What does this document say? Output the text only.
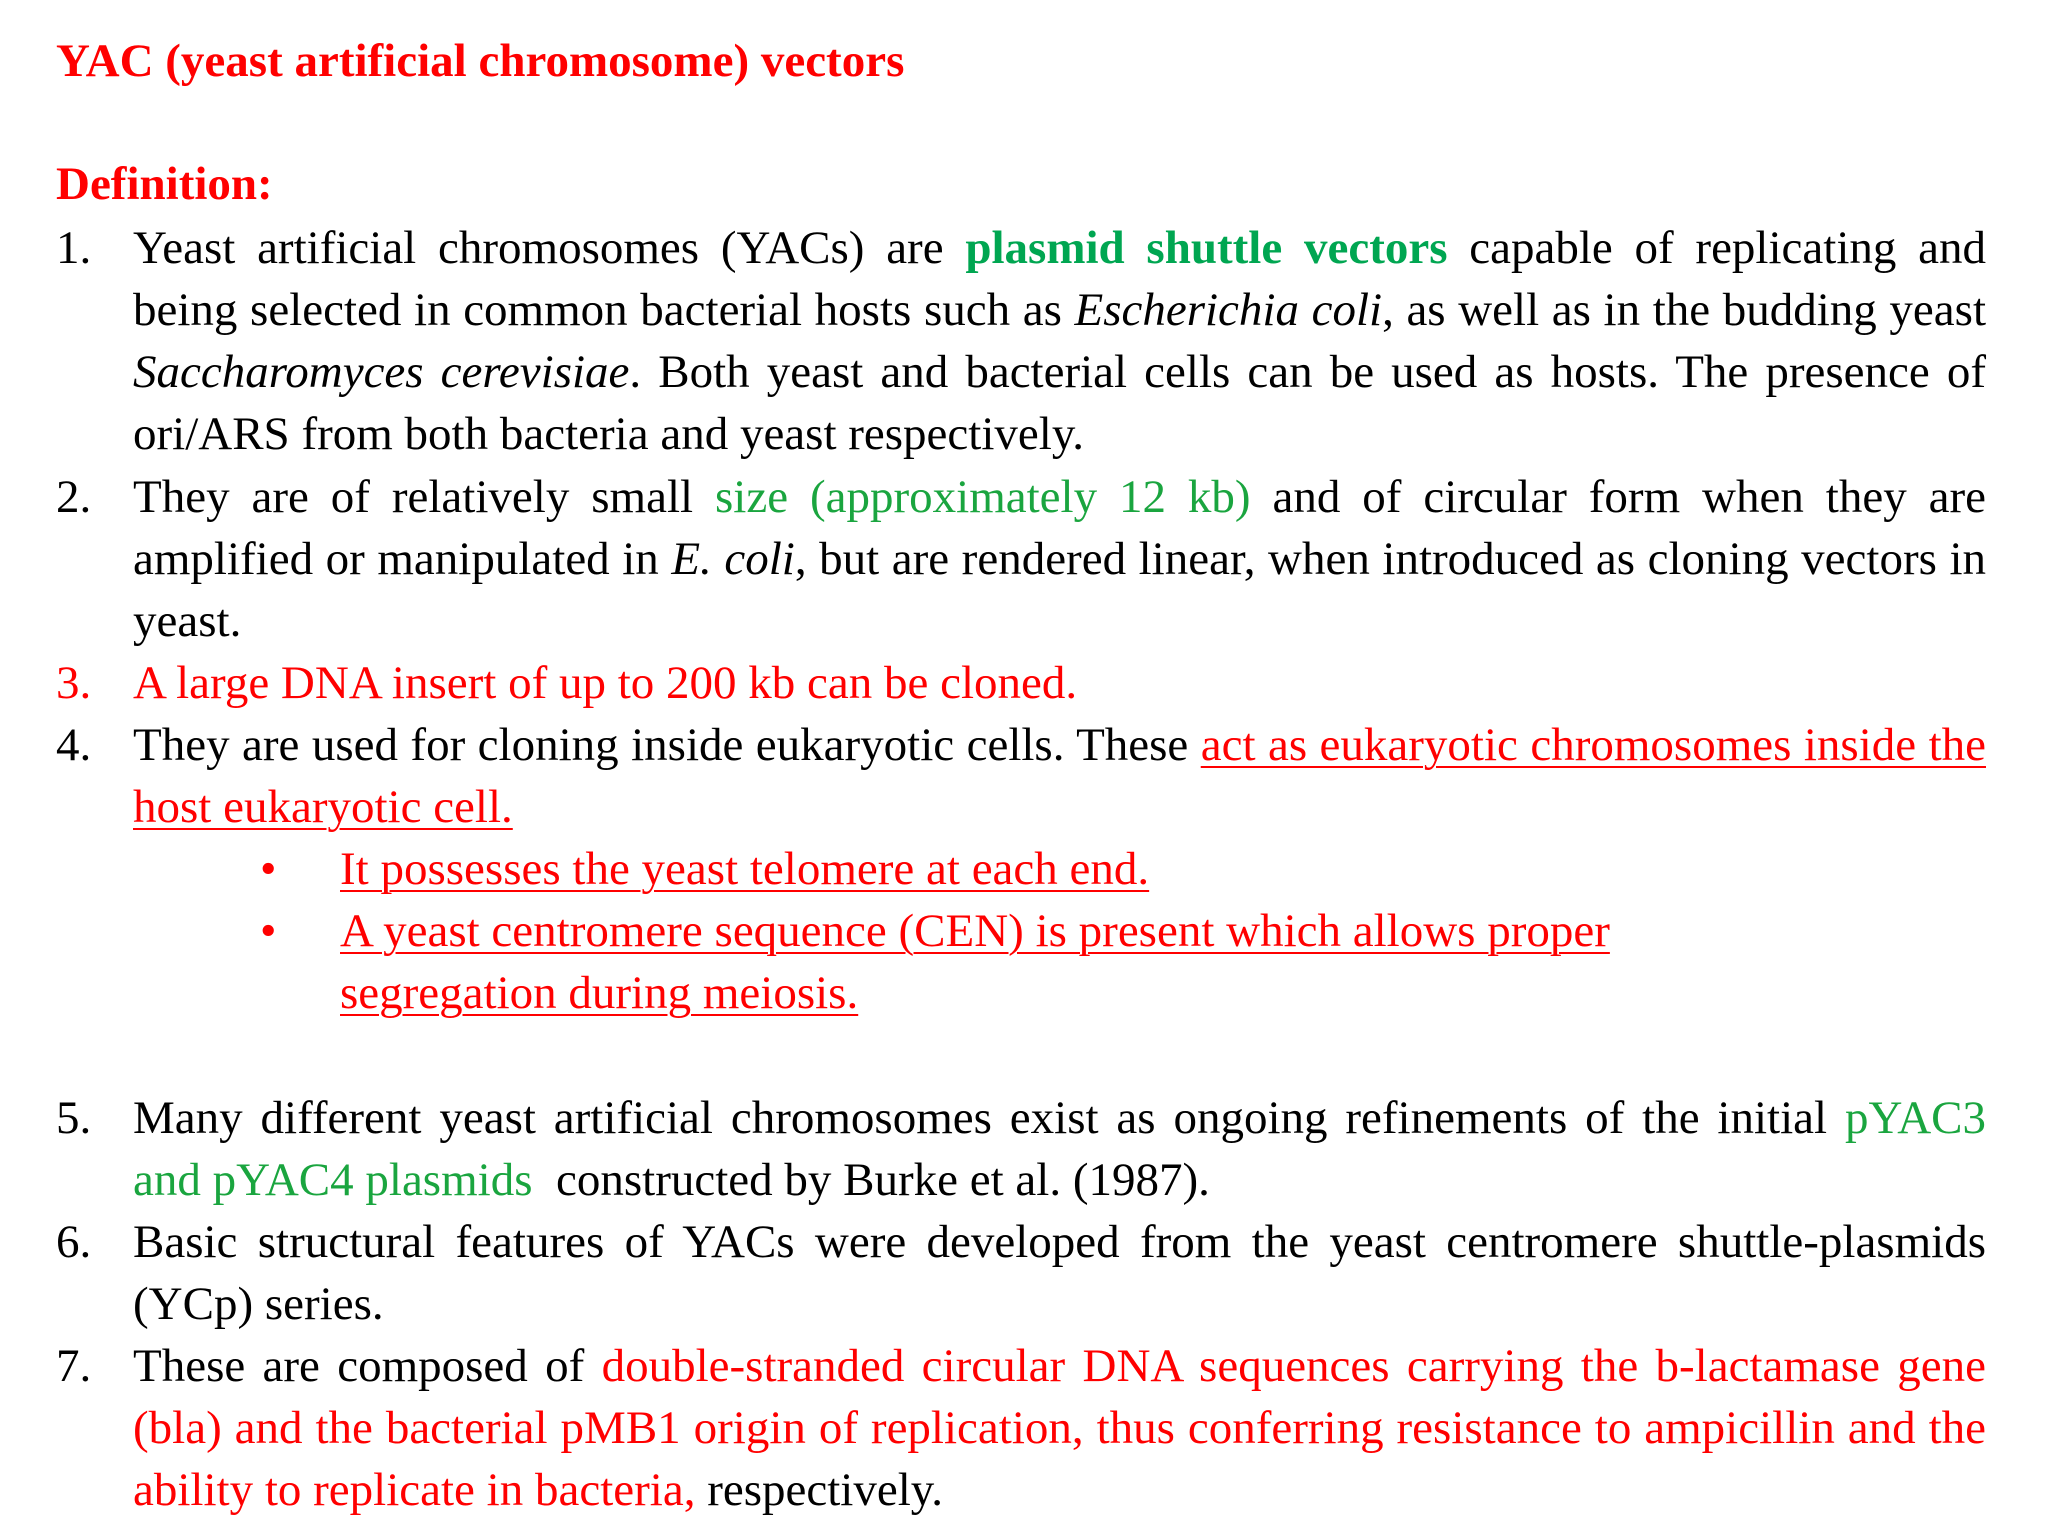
YAC (yeast artificial chromosome) vectors
Definition:
1. Yeast artificial chromosomes (YACs) are plasmid shuttle vectors capable of replicating and being selected in common bacterial hosts such as Escherichia coli, as well as in the budding yeast Saccharomyces cerevisiae. Both yeast and bacterial cells can be used as hosts. The presence of ori/ARS from both bacteria and yeast respectively.
2. They are of relatively small size (approximately 12 kb) and of circular form when they are amplified or manipulated in E. coli, but are rendered linear, when introduced as cloning vectors in yeast.
3. A large DNA insert of up to 200 kb can be cloned.
4. They are used for cloning inside eukaryotic cells. These act as eukaryotic chromosomes inside the host eukaryotic cell.
• It possesses the yeast telomere at each end.
• A yeast centromere sequence (CEN) is present which allows proper segregation during meiosis.
5. Many different yeast artificial chromosomes exist as ongoing refinements of the initial pYAC3 and pYAC4 plasmids  constructed by Burke et al. (1987).
6. Basic structural features of YACs were developed from the yeast centromere shuttle-plasmids (YCp) series.
7. These are composed of double-stranded circular DNA sequences carrying the b-lactamase gene (bla) and the bacterial pMB1 origin of replication, thus conferring resistance to ampicillin and the ability to replicate in bacteria, respectively.
